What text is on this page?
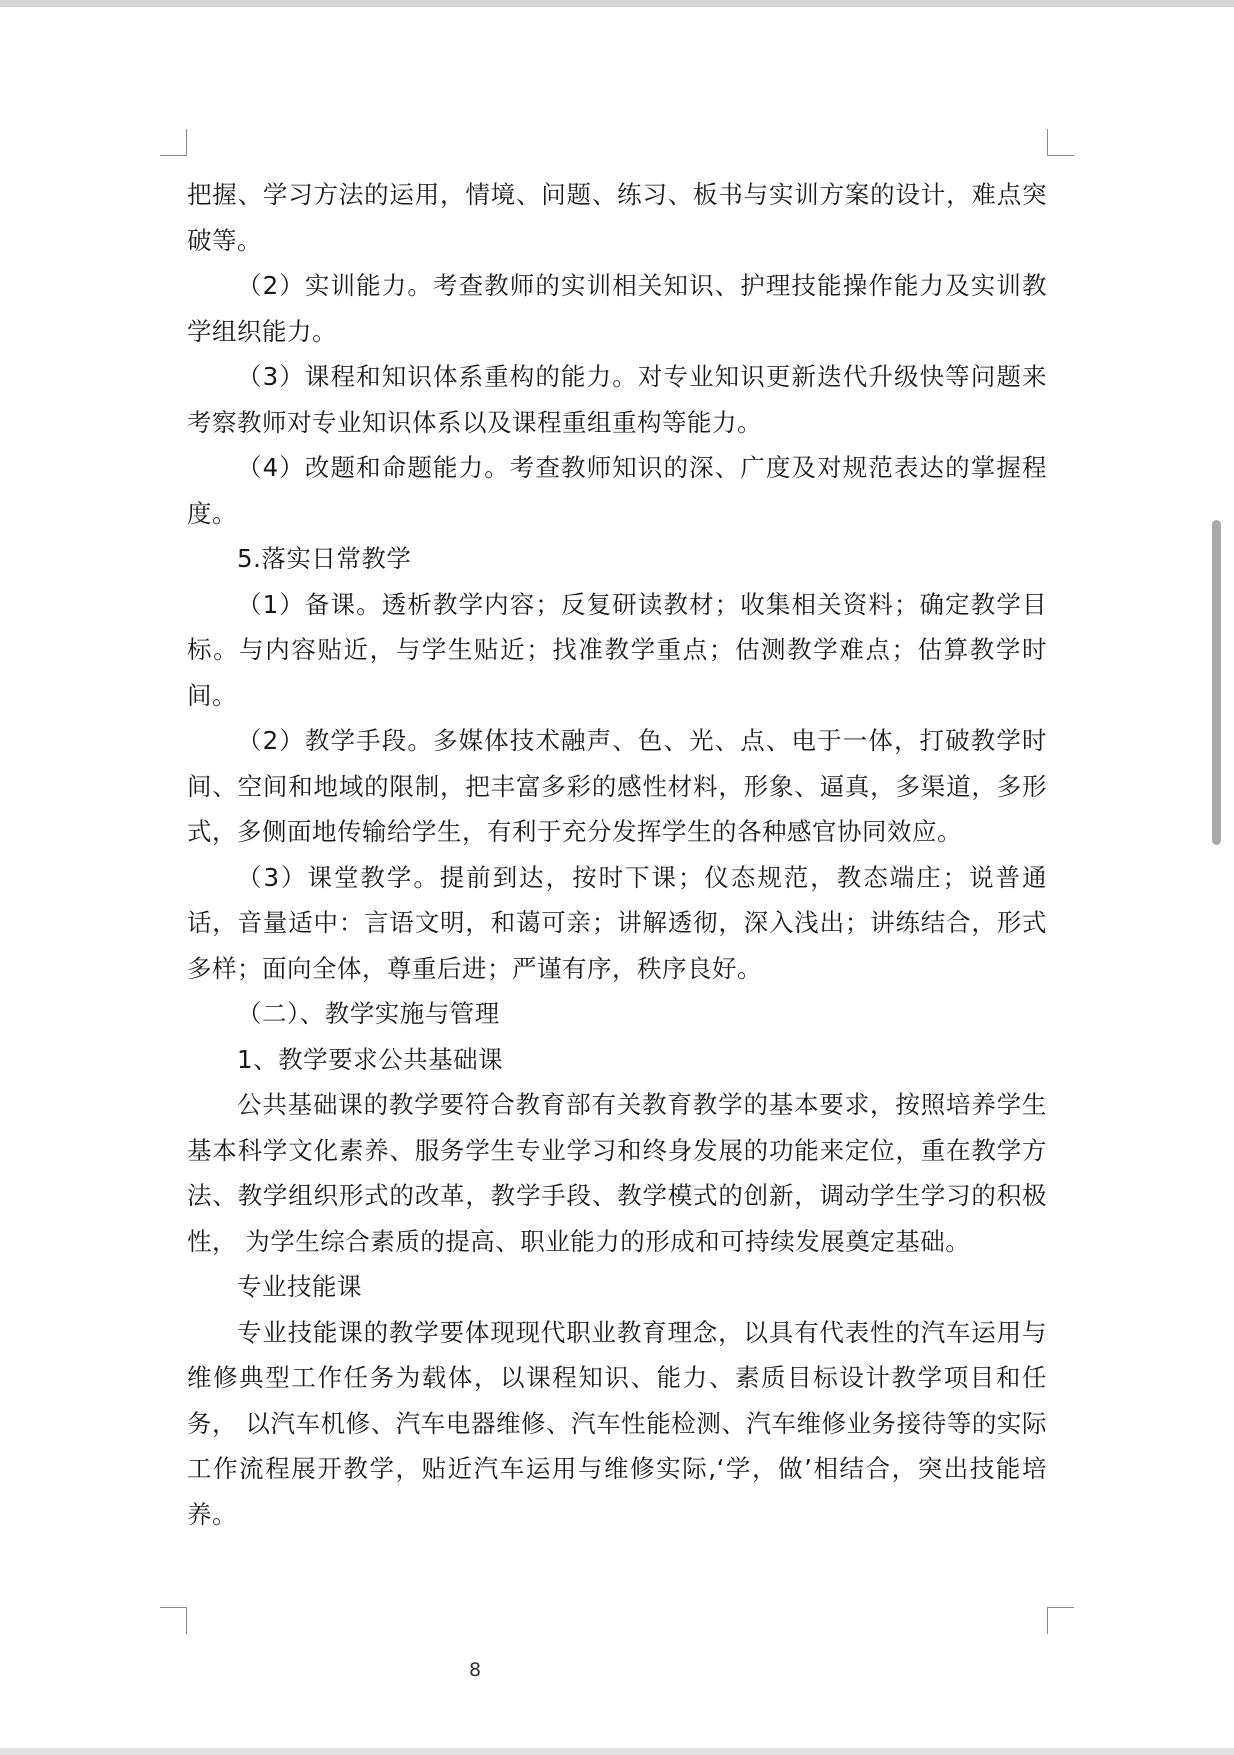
把握、学习方法的运用，情境、问题、练习、板书与实训方案的设计，难点突破等。

（2）实训能力。考查教师的实训相关知识、护理技能操作能力及实训教学组织能力。

（3）课程和知识体系重构的能力。对专业知识更新迭代升级快等问题来考察教师对专业知识体系以及课程重组重构等能力。

（4）改题和命题能力。考查教师知识的深、广度及对规范表达的掌握程度。

5.落实日常教学

（1）备课。透析教学内容；反复研读教材；收集相关资料；确定教学目标。与内容贴近，与学生贴近；找准教学重点；估测教学难点；估算教学时间。

（2）教学手段。多媒体技术融声、色、光、点、电于一体，打破教学时间、空间和地域的限制，把丰富多彩的感性材料，形象、逼真，多渠道，多形式，多侧面地传输给学生，有利于充分发挥学生的各种感官协同效应。

（3）课堂教学。提前到达，按时下课；仪态规范，教态端庄；说普通话，音量适中：言语文明，和蔼可亲；讲解透彻，深入浅出；讲练结合，形式多样；面向全体，尊重后进；严谨有序，秩序良好。

（二）、教学实施与管理

1、教学要求公共基础课

公共基础课的教学要符合教育部有关教育教学的基本要求，按照培养学生基本科学文化素养、服务学生专业学习和终身发展的功能来定位，重在教学方法、教学组织形式的改革，教学手段、教学模式的创新，调动学生学习的积极性， 为学生综合素质的提高、职业能力的形成和可持续发展奠定基础。

专业技能课

专业技能课的教学要体现现代职业教育理念，以具有代表性的汽车运用与维修典型工作任务为载体，以课程知识、能力、素质目标设计教学项目和任务， 以汽车机修、汽车电器维修、汽车性能检测、汽车维修业务接待等的实际工作流程展开教学，贴近汽车运用与维修实际,‘学，做’相结合，突出技能培养。

8
